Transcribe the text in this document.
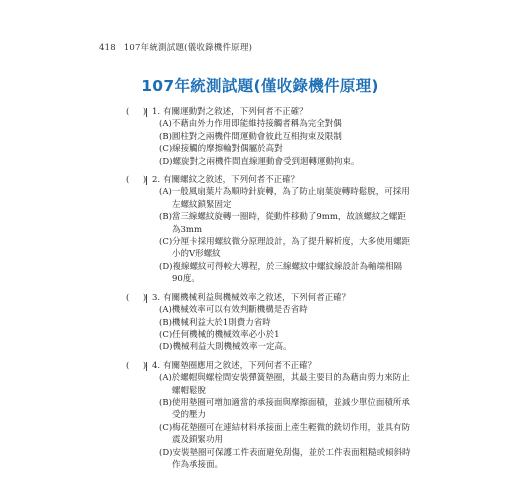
418 107年統測試題(儀收錄機件原理)
107年統測試題(僅收錄機件原理)
(     ) 1. 有關運動對之敘述，下列何者不正確？
(A)不藉由外力作用即能維持接觸者稱為完全對偶
(B)圓柱對之兩機件間運動會彼此互相拘束及限制
(C)線接觸的摩擦輪對偶屬於高對
(D)螺旋對之兩機件間直線運動會受到迴轉運動拘束。
(     ) 2. 有關螺紋之敘述，下列何者不正確？
(A)一般風扇葉片為順時針旋轉，為了防止扇葉旋轉時鬆脫，可採用左螺紋鎖緊固定
(B)當三線螺紋旋轉一圈時，從動件移動了9mm，故該螺紋之螺距為3mm
(C)分厘卡採用螺紋微分原理設計，為了提升解析度，大多使用螺距小的V形螺紋
(D)複線螺紋可得較大導程，於三線螺紋中螺紋線設計為軸端相隔90度。
(     ) 3. 有關機械利益與機械效率之敘述，下列何者正確？
(A)機械效率可以有效判斷機構是否省時
(B)機械利益大於1則費力省時
(C)任何機械的機械效率必小於1
(D)機械利益大則機械效率一定高。
(     ) 4. 有關墊圈應用之敘述，下列何者不正確？
(A)於螺帽與螺栓間安裝彈簧墊圈，其最主要目的為藉由剪力來防止螺帽鬆脫
(B)使用墊圈可增加適當的承接面與摩擦面積，並減少單位面積所承受的壓力
(C)梅花墊圈可在連結材料承接面上產生輕微的銑切作用，並具有防震及鎖緊功用
(D)安裝墊圈可保護工件表面避免刮傷，並於工件表面粗糙或傾斜時作為承接面。
